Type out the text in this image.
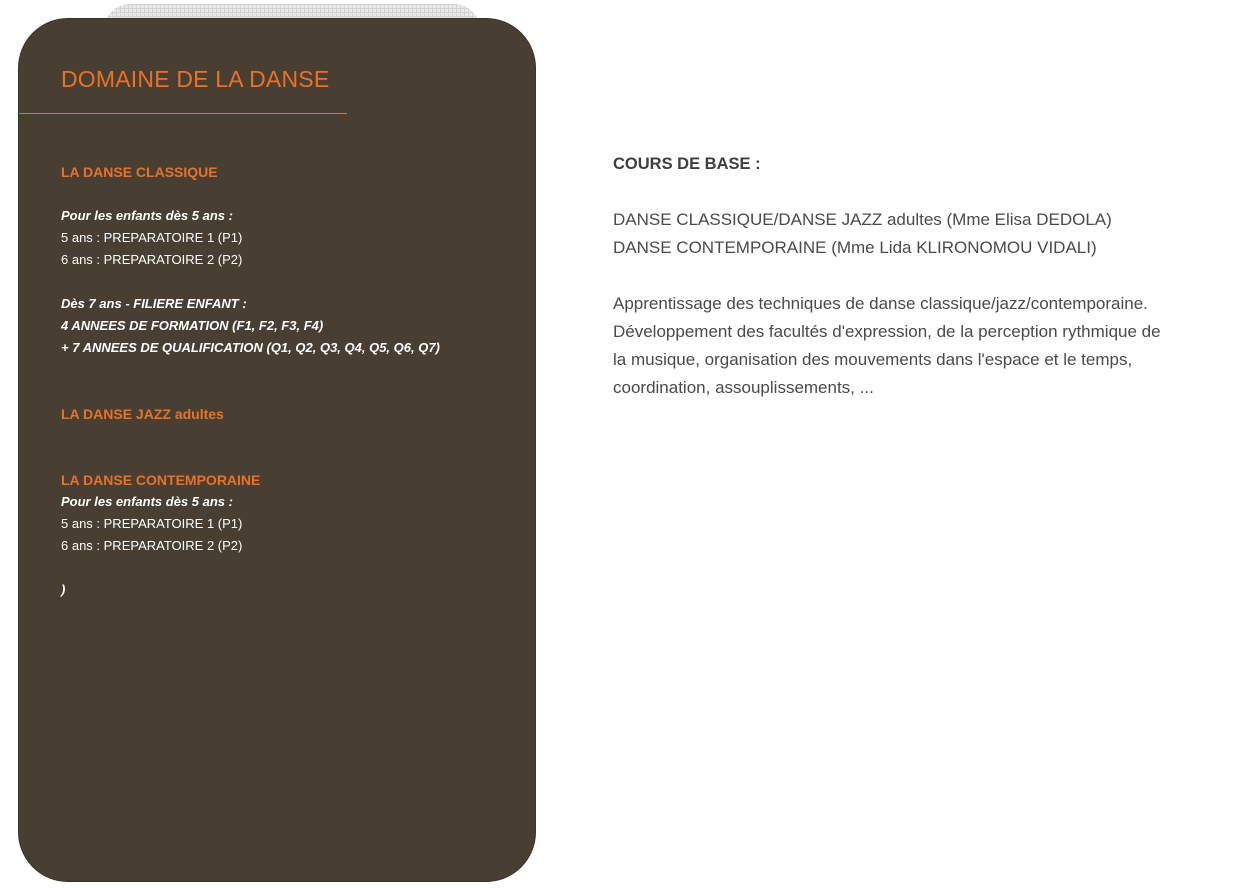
DOMAINE DE LA DANSE
LA DANSE CLASSIQUE
Pour les enfants dès 5 ans :
5 ans : PREPARATOIRE 1 (P1)
6 ans : PREPARATOIRE 2 (P2)
Dès 7 ans - FILIERE ENFANT :
4 ANNEES DE FORMATION (F1, F2, F3, F4)
+ 7 ANNEES DE QUALIFICATION (Q1, Q2, Q3, Q4, Q5, Q6, Q7)
LA DANSE JAZZ adultes
LA DANSE CONTEMPORAINE
Pour les enfants dès 5 ans :
5 ans : PREPARATOIRE 1 (P1)
6 ans : PREPARATOIRE 2 (P2)
)
COURS DE BASE :
DANSE CLASSIQUE/DANSE JAZZ adultes (Mme Elisa DEDOLA)
DANSE CONTEMPORAINE (Mme Lida KLIRONOMOU VIDALI)
Apprentissage des techniques de danse classique/jazz/contemporaine.
Développement des facultés d'expression, de la perception rythmique de
la musique, organisation des mouvements dans l'espace et le temps,
coordination, assouplissements, ...
